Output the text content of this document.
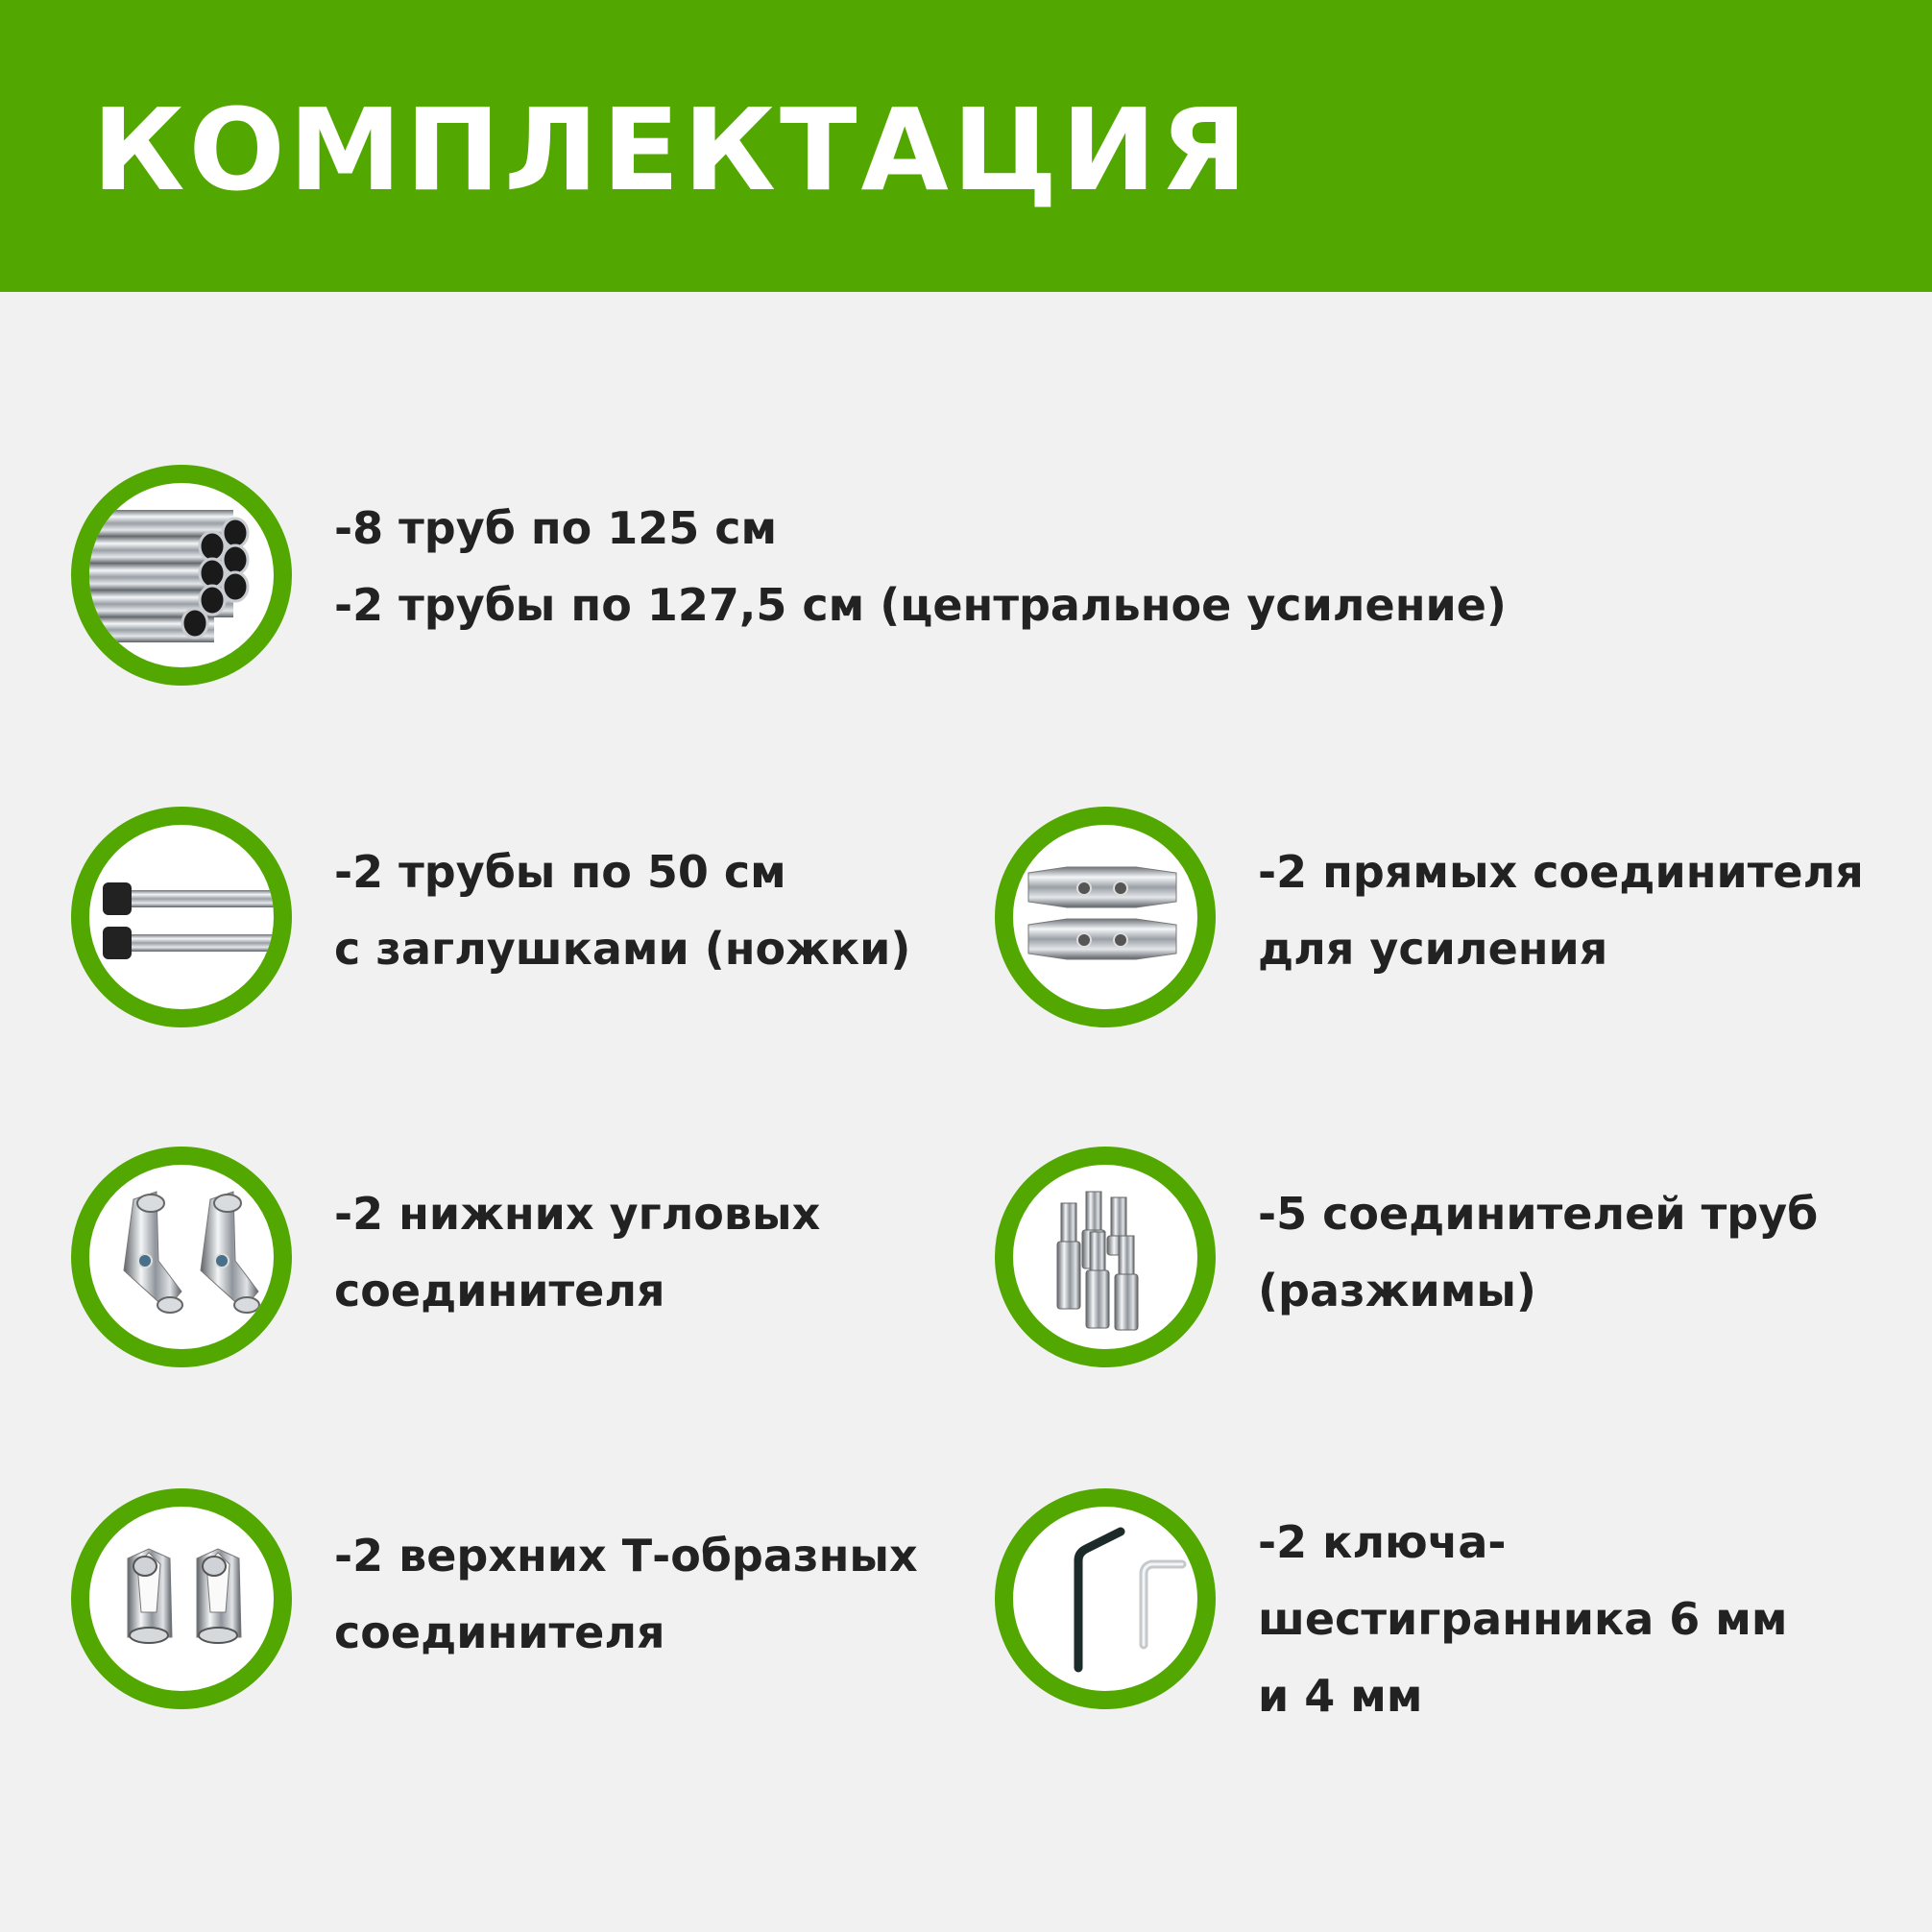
КОМПЛЕКТАЦИЯ
-8 труб по 125 см
-2 трубы по 127,5 см (центральное усиление)
-2 трубы по 50 см
с заглушками (ножки)
-2 прямых соединителя
для усиления
-2 нижних угловых
соединителя
-5 соединителей труб
(разжимы)
-2 верхних Т-образных
соединителя
-2 ключа-
шестигранника 6 мм
и 4 мм
